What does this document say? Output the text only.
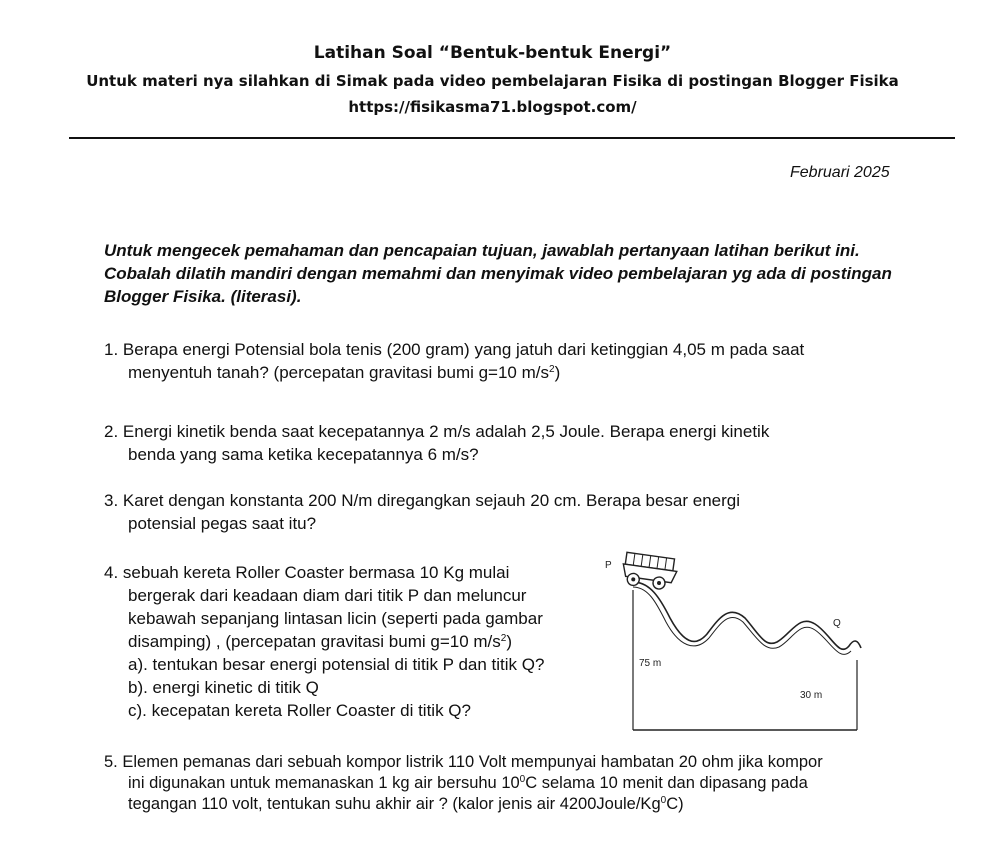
Latihan Soal “Bentuk-bentuk Energi”
Untuk materi nya silahkan di Simak pada video pembelajaran Fisika di postingan Blogger Fisika
https://fisikasma71.blogspot.com/
Februari 2025
Untuk mengecek pemahaman dan pencapaian tujuan, jawablah pertanyaan latihan berikut ini. Cobalah dilatih mandiri dengan memahmi dan menyimak video pembelajaran yg ada di postingan Blogger Fisika. (literasi).
1. Berapa energi Potensial bola tenis (200 gram) yang jatuh dari ketinggian 4,05 m pada saat
menyentuh tanah? (percepatan gravitasi bumi g=10 $m/s^2$)
2. Energi kinetik benda saat kecepatannya 2 m/s adalah 2,5 Joule. Berapa energi kinetik
benda yang sama ketika kecepatannya 6 m/s?
3. Karet dengan konstanta 200 N/m diregangkan sejauh 20 cm. Berapa besar energi
potensial pegas saat itu?
4. sebuah kereta Roller Coaster bermasa 10 Kg mulai
bergerak dari keadaan diam dari titik P dan meluncur
kebawah sepanjang lintasan licin (seperti pada gambar
disamping) , (percepatan gravitasi bumi g=10 $m/s^2$)
a). tentukan besar energi potensial di titik P dan titik Q?
b). energi kinetic di titik Q
c). kecepatan kereta Roller Coaster di titik Q?
P
Q
75 m
30 m
5. Elemen pemanas dari sebuah kompor listrik 110 Volt mempunyai hambatan 20 ohm jika kompor
ini digunakan untuk memanaskan 1 kg air bersuhu $10^0C$ selama 10 menit dan dipasang pada
tegangan 110 volt, tentukan suhu akhir air ? (kalor jenis air 4200Joule/Kg$^0$C)
